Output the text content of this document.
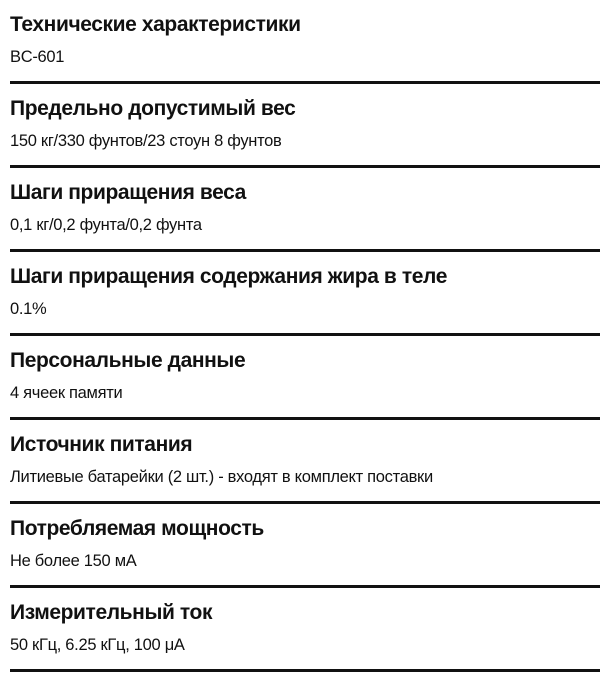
Технические характеристики
BC-601
Предельно допустимый вес
150 кг/330 фунтов/23 стоун 8 фунтов
Шаги приращения веса
0,1 кг/0,2 фунта/0,2 фунта
Шаги приращения содержания жира в теле
0.1%
Персональные данные
4 ячеек памяти
Источник питания
Литиевые батарейки (2 шт.) - входят в комплект поставки
Потребляемая мощность
Не более 150 мА
Измерительный ток
50 кГц, 6.25 кГц, 100 μA
